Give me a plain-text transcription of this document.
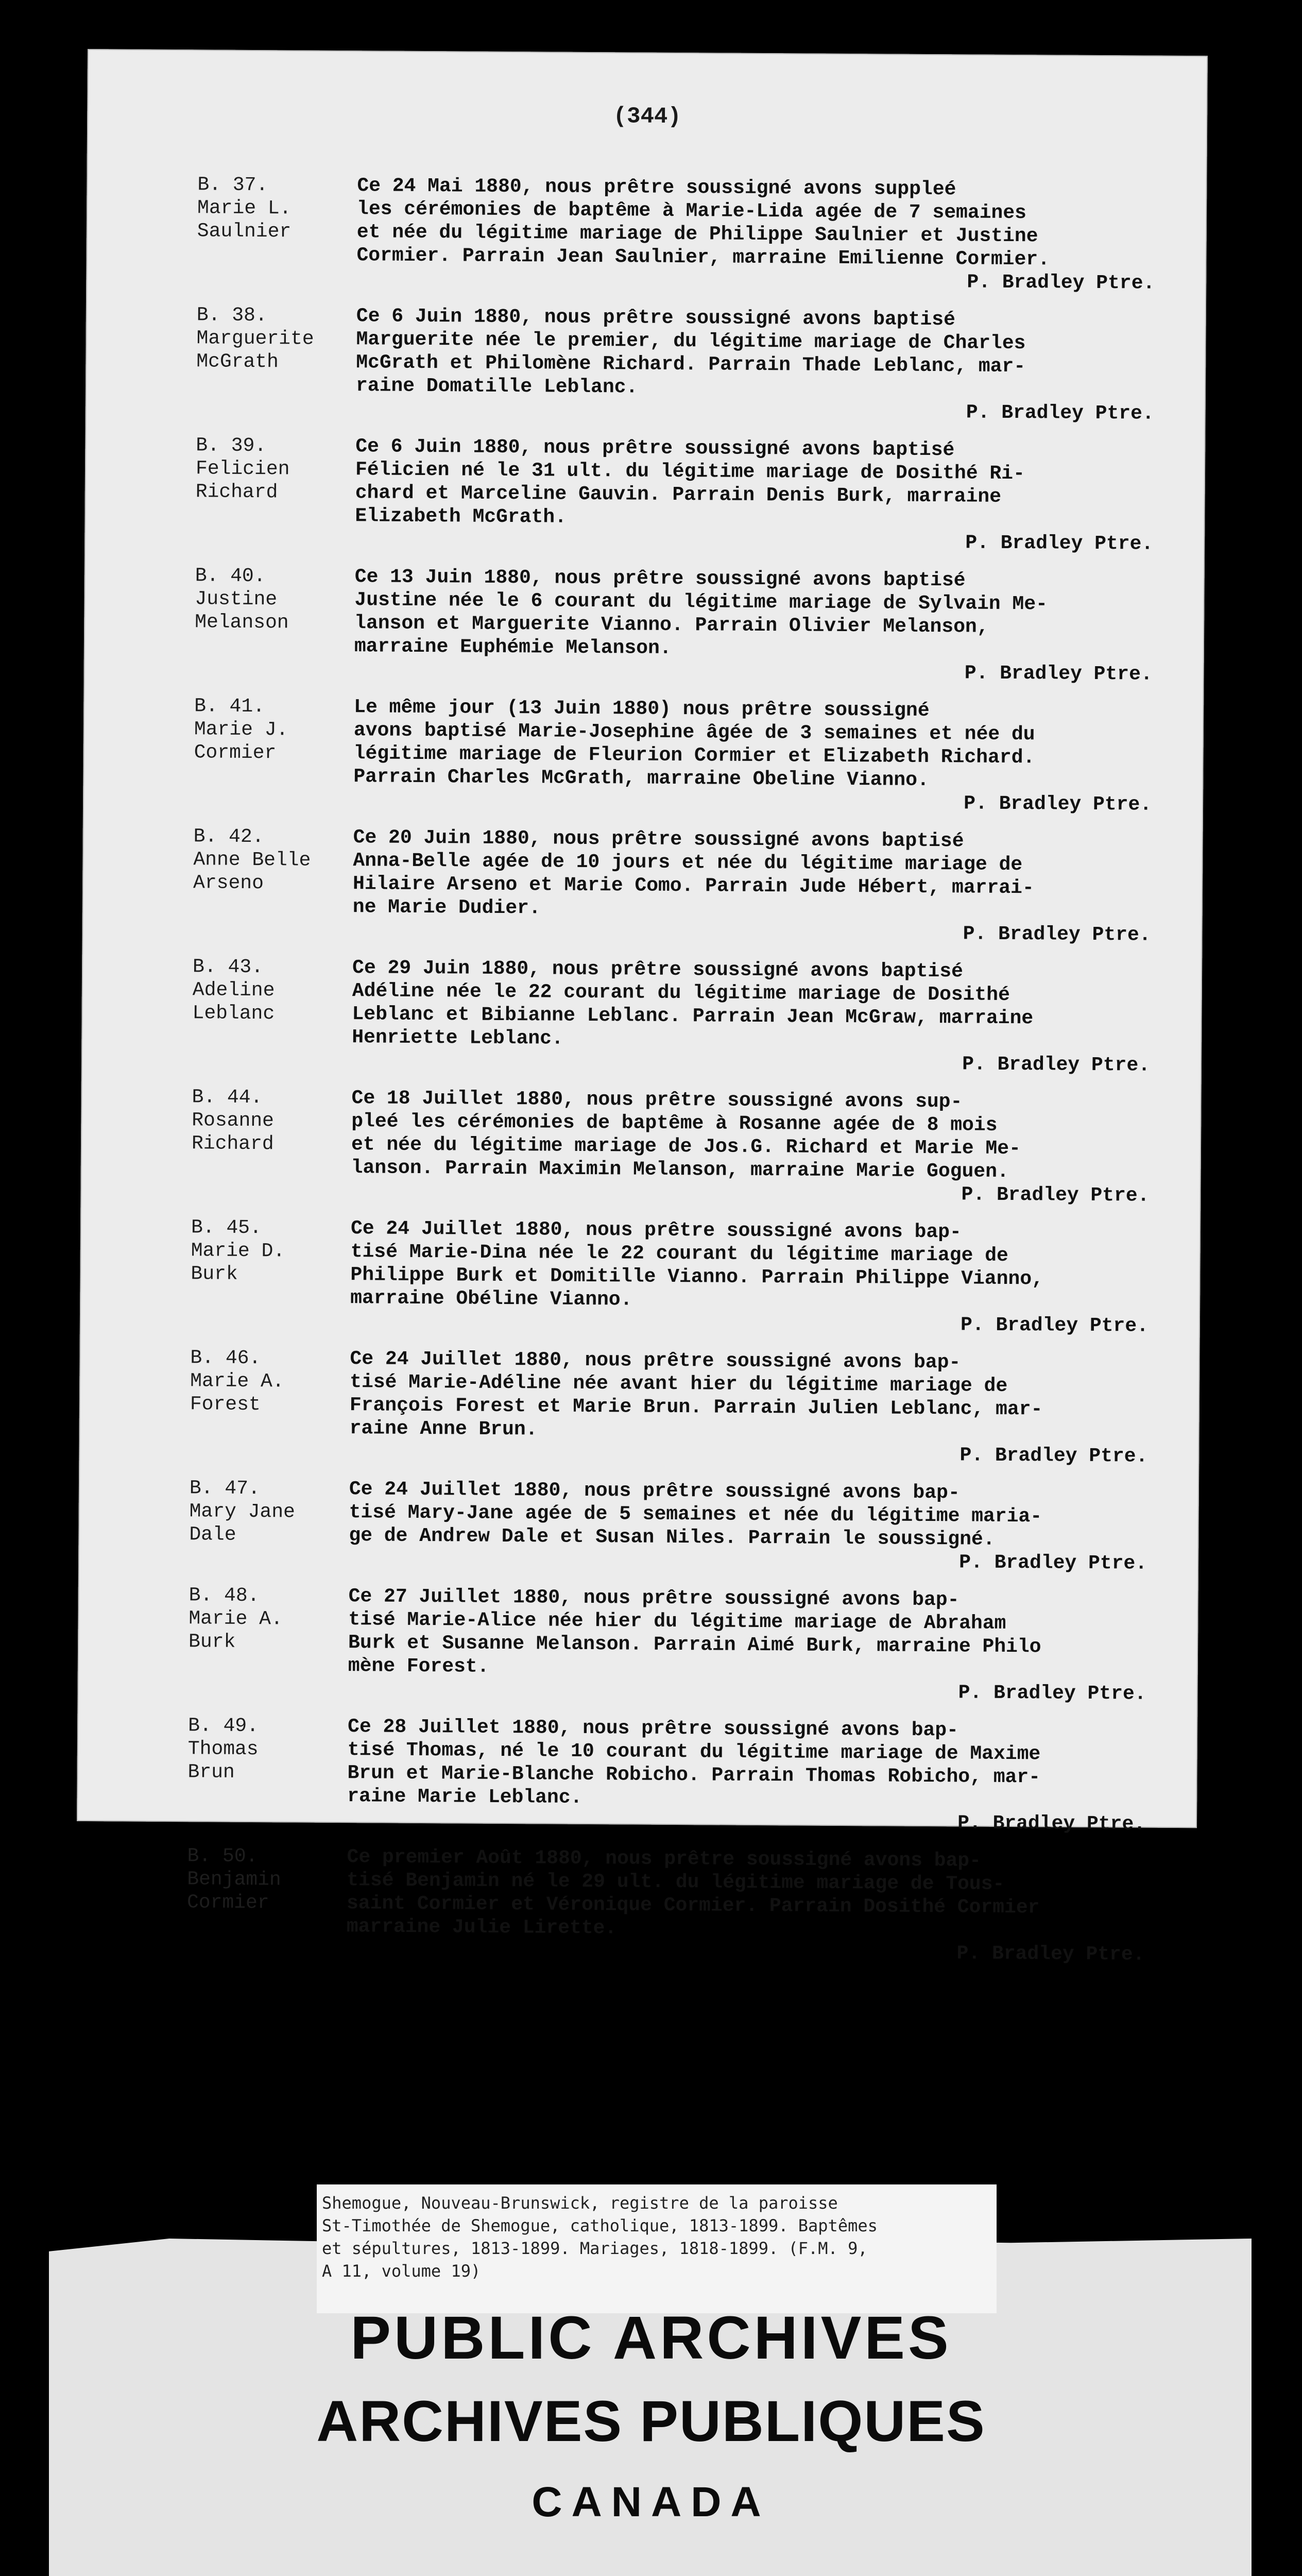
(344)
B. 37.
Marie L.
Saulnier
Ce 24 Mai 1880, nous prêtre soussigné avons suppleé
les cérémonies de baptême à Marie-Lida agée de 7 semaines
et née du légitime mariage de Philippe Saulnier et Justine
Cormier. Parrain Jean Saulnier, marraine Emilienne Cormier.
P. Bradley Ptre.
B. 38.
Marguerite
McGrath
Ce 6 Juin 1880, nous prêtre soussigné avons baptisé
Marguerite née le premier, du légitime mariage de Charles
McGrath et Philomène Richard. Parrain Thade Leblanc, mar-
raine Domatille Leblanc.
P. Bradley Ptre.
B. 39.
Felicien
Richard
Ce 6 Juin 1880, nous prêtre soussigné avons baptisé
Félicien né le 31 ult. du légitime mariage de Dosithé Ri-
chard et Marceline Gauvin. Parrain Denis Burk, marraine
Elizabeth McGrath.
P. Bradley Ptre.
B. 40.
Justine
Melanson
Ce 13 Juin 1880, nous prêtre soussigné avons baptisé
Justine née le 6 courant du légitime mariage de Sylvain Me-
lanson et Marguerite Vianno. Parrain Olivier Melanson,
marraine Euphémie Melanson.
P. Bradley Ptre.
B. 41.
Marie J.
Cormier
Le même jour (13 Juin 1880) nous prêtre soussigné
avons baptisé Marie-Josephine âgée de 3 semaines et née du
légitime mariage de Fleurion Cormier et Elizabeth Richard.
Parrain Charles McGrath, marraine Obeline Vianno.
P. Bradley Ptre.
B. 42.
Anne Belle
Arseno
Ce 20 Juin 1880, nous prêtre soussigné avons baptisé
Anna-Belle agée de 10 jours et née du légitime mariage de
Hilaire Arseno et Marie Como. Parrain Jude Hébert, marrai-
ne Marie Dudier.
P. Bradley Ptre.
B. 43.
Adeline
Leblanc
Ce 29 Juin 1880, nous prêtre soussigné avons baptisé
Adéline née le 22 courant du légitime mariage de Dosithé
Leblanc et Bibianne Leblanc. Parrain Jean McGraw, marraine
Henriette Leblanc.
P. Bradley Ptre.
B. 44.
Rosanne
Richard
Ce 18 Juillet 1880, nous prêtre soussigné avons sup-
pleé les cérémonies de baptême à Rosanne agée de 8 mois
et née du légitime mariage de Jos.G. Richard et Marie Me-
lanson. Parrain Maximin Melanson, marraine Marie Goguen.
P. Bradley Ptre.
B. 45.
Marie D.
Burk
Ce 24 Juillet 1880, nous prêtre soussigné avons bap-
tisé Marie-Dina née le 22 courant du légitime mariage de
Philippe Burk et Domitille Vianno. Parrain Philippe Vianno,
marraine Obéline Vianno.
P. Bradley Ptre.
B. 46.
Marie A.
Forest
Ce 24 Juillet 1880, nous prêtre soussigné avons bap-
tisé Marie-Adéline née avant hier du légitime mariage de
François Forest et Marie Brun. Parrain Julien Leblanc, mar-
raine Anne Brun.
P. Bradley Ptre.
B. 47.
Mary Jane
Dale
Ce 24 Juillet 1880, nous prêtre soussigné avons bap-
tisé Mary-Jane agée de 5 semaines et née du légitime maria-
ge de Andrew Dale et Susan Niles. Parrain le soussigné.
P. Bradley Ptre.
B. 48.
Marie A.
Burk
Ce 27 Juillet 1880, nous prêtre soussigné avons bap-
tisé Marie-Alice née hier du légitime mariage de Abraham
Burk et Susanne Melanson. Parrain Aimé Burk, marraine Philo
mène Forest.
P. Bradley Ptre.
B. 49.
Thomas
Brun
Ce 28 Juillet 1880, nous prêtre soussigné avons bap-
tisé Thomas, né le 10 courant du légitime mariage de Maxime
Brun et Marie-Blanche Robicho. Parrain Thomas Robicho, mar-
raine Marie Leblanc.
P. Bradley Ptre.
B. 50.
Benjamin
Cormier
Ce premier Août 1880, nous prêtre soussigné avons bap-
tisé Benjamin né le 29 ult. du légitime mariage de Tous-
saint Cormier et Véronique Cormier. Parrain Dosithé Cormier
marraine Julie Lirette.
P. Bradley Ptre.
Shemogue, Nouveau-Brunswick, registre de la paroisse
St-Timothée de Shemogue, catholique, 1813-1899. Baptêmes
et sépultures, 1813-1899. Mariages, 1818-1899. (F.M. 9,
A 11, volume 19)
PUBLIC ARCHIVES
ARCHIVES PUBLIQUES
CANADA
